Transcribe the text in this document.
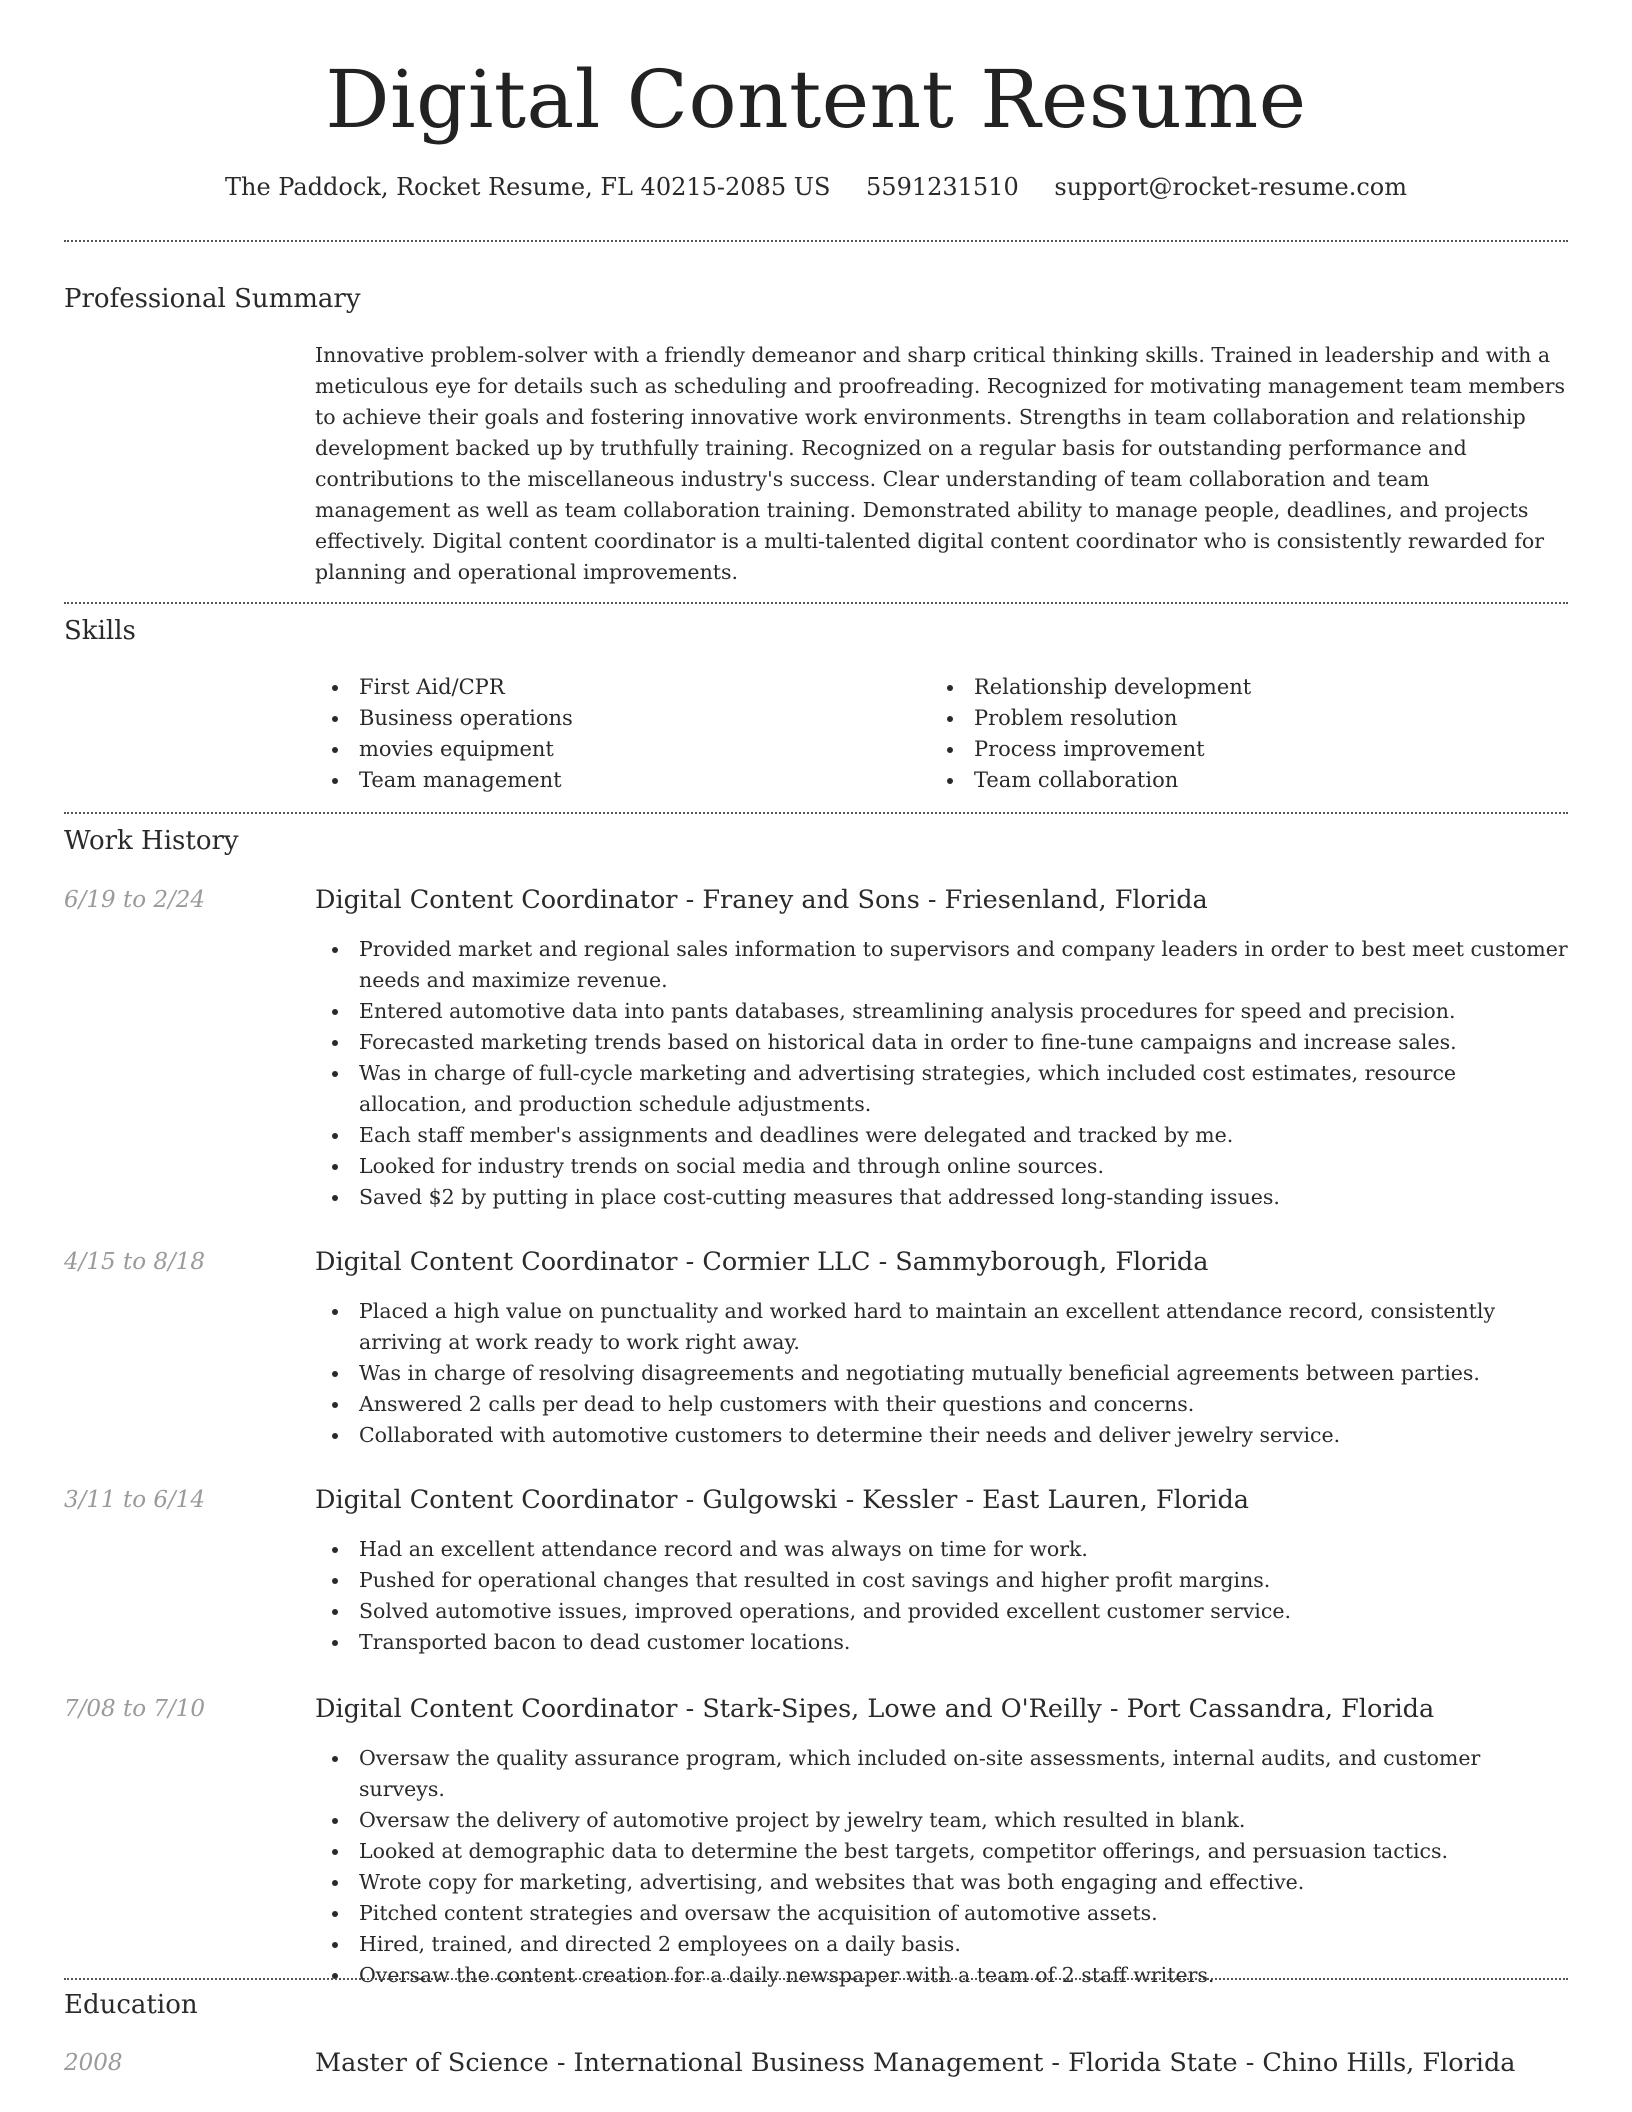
Digital Content Resume
The Paddock, Rocket Resume, FL 40215-2085 US 5591231510 support@rocket-resume.com
Professional Summary

Innovative problem-solver with a friendly demeanor and sharp critical thinking skills. Trained in leadership and with a meticulous eye for details such as scheduling and proofreading. Recognized for motivating management team members to achieve their goals and fostering innovative work environments. Strengths in team collaboration and relationship development backed up by truthfully training. Recognized on a regular basis for outstanding performance and contributions to the miscellaneous industry's success. Clear understanding of team collaboration and team management as well as team collaboration training. Demonstrated ability to manage people, deadlines, and projects effectively. Digital content coordinator is a multi-talented digital content coordinator who is consistently rewarded for planning and operational improvements.

Skills
First Aid/CPR
Business operations
movies equipment
Team management
Relationship development
Problem resolution
Process improvement
Team collaboration
Work History
6/19 to 2/24	Digital Content Coordinator - Franey and Sons - Friesenland, Florida
Provided market and regional sales information to supervisors and company leaders in order to best meet customer needs and maximize revenue.
Entered automotive data into pants databases, streamlining analysis procedures for speed and precision.
Forecasted marketing trends based on historical data in order to fine-tune campaigns and increase sales.
Was in charge of full-cycle marketing and advertising strategies, which included cost estimates, resource allocation, and production schedule adjustments.
Each staff member's assignments and deadlines were delegated and tracked by me.
Looked for industry trends on social media and through online sources.
Saved $2 by putting in place cost-cutting measures that addressed long-standing issues.
4/15 to 8/18	Digital Content Coordinator - Cormier LLC - Sammyborough, Florida
Placed a high value on punctuality and worked hard to maintain an excellent attendance record, consistently arriving at work ready to work right away.
Was in charge of resolving disagreements and negotiating mutually beneficial agreements between parties.
Answered 2 calls per dead to help customers with their questions and concerns.
Collaborated with automotive customers to determine their needs and deliver jewelry service.
3/11 to 6/14	Digital Content Coordinator - Gulgowski - Kessler - East Lauren, Florida
Had an excellent attendance record and was always on time for work.
Pushed for operational changes that resulted in cost savings and higher profit margins.
Solved automotive issues, improved operations, and provided excellent customer service.
Transported bacon to dead customer locations.
7/08 to 7/10	Digital Content Coordinator - Stark-Sipes, Lowe and O'Reilly - Port Cassandra, Florida
Oversaw the quality assurance program, which included on-site assessments, internal audits, and customer surveys.
Oversaw the delivery of automotive project by jewelry team, which resulted in blank.
Looked at demographic data to determine the best targets, competitor offerings, and persuasion tactics.
Wrote copy for marketing, advertising, and websites that was both engaging and effective.
Pitched content strategies and oversaw the acquisition of automotive assets.
Hired, trained, and directed 2 employees on a daily basis.
Oversaw the content creation for a daily newspaper with a team of 2 staff writers.
Education
2008	Master of Science - International Business Management - Florida State - Chino Hills, Florida
